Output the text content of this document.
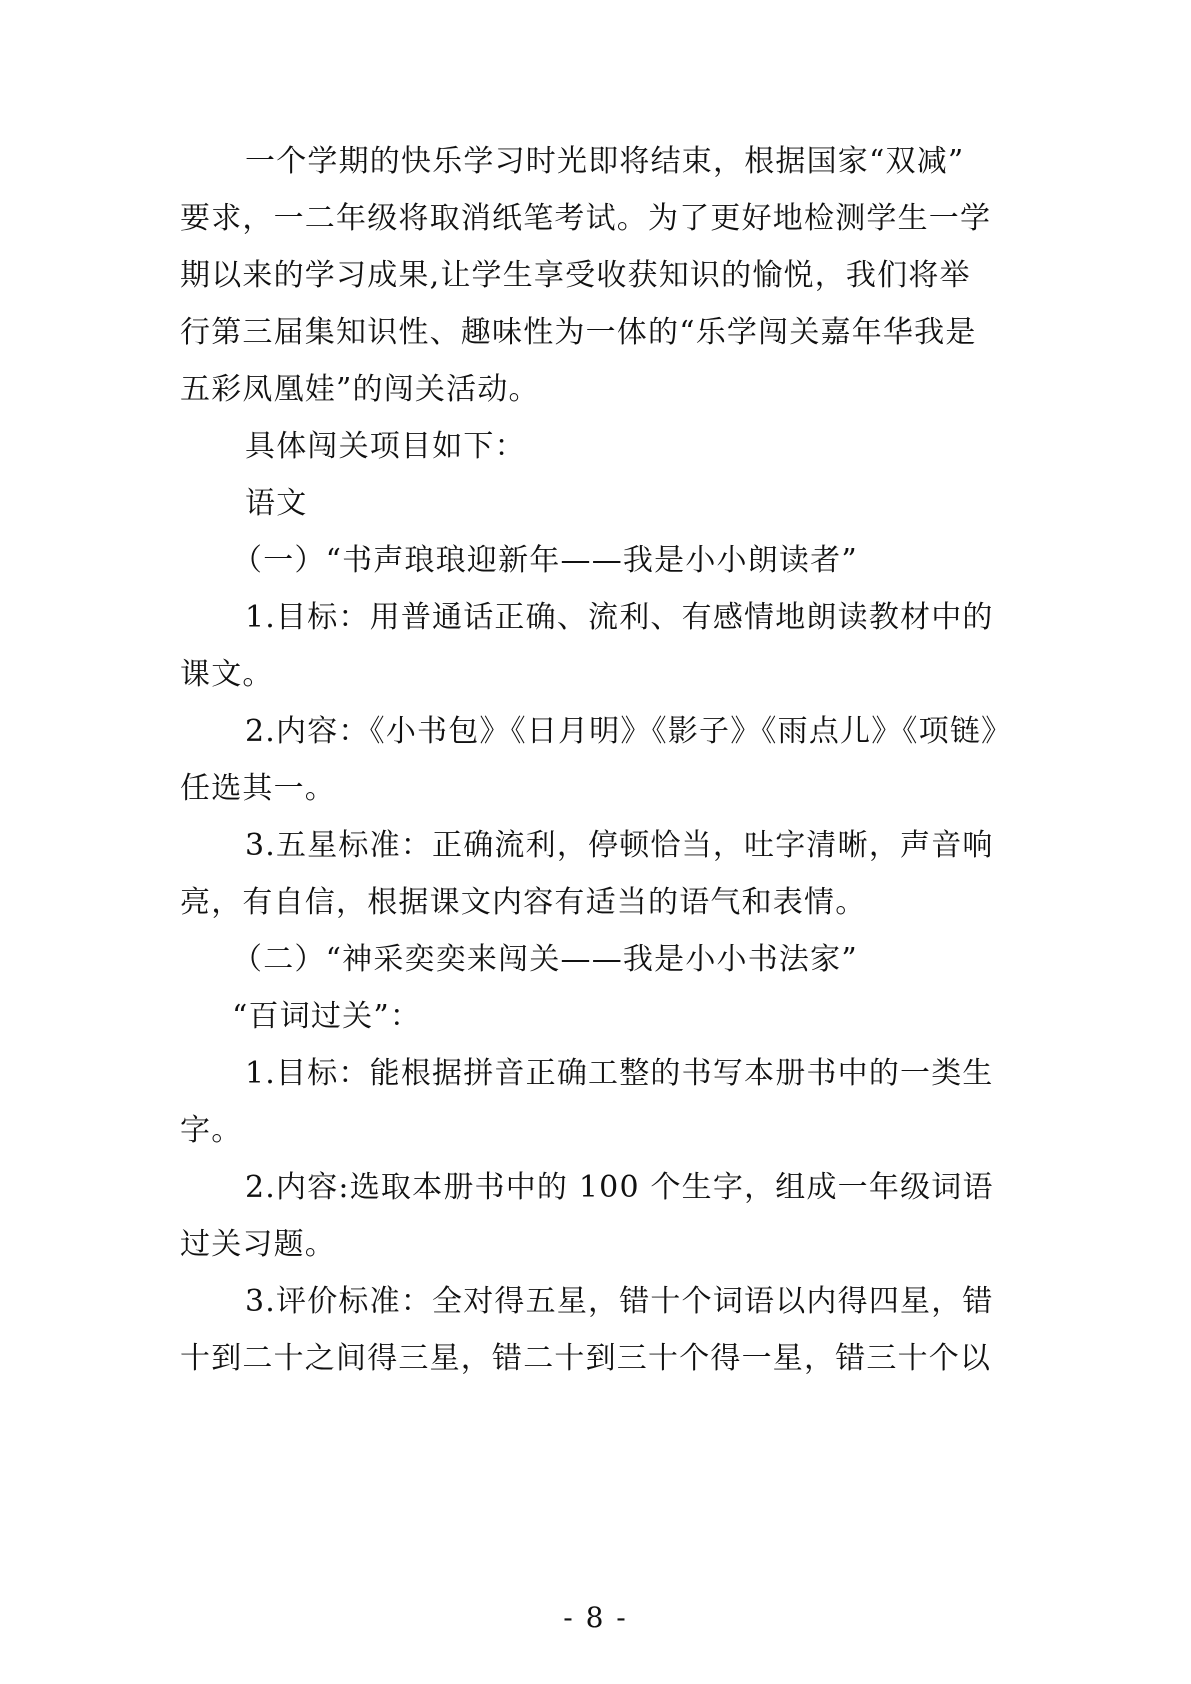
一个学期的快乐学习时光即将结束，根据国家“双减”
要求，一二年级将取消纸笔考试。为了更好地检测学生一学
期以来的学习成果,让学生享受收获知识的愉悦，我们将举
行第三届集知识性、趣味性为一体的“乐学闯关嘉年华我是
五彩凤凰娃”的闯关活动。
具体闯关项目如下：
语文
（一）“书声琅琅迎新年——我是小小朗读者”
1.目标：用普通话正确、流利、有感情地朗读教材中的
课文。
2.内容：《小书包》《日月明》《影子》《雨点儿》《项链》
任选其一。
3.五星标准：正确流利，停顿恰当，吐字清晰，声音响
亮，有自信，根据课文内容有适当的语气和表情。
（二）“神采奕奕来闯关——我是小小书法家”
“百词过关”：
1.目标：能根据拼音正确工整的书写本册书中的一类生
字。
2.内容:选取本册书中的 100 个生字，组成一年级词语
过关习题。
3.评价标准：全对得五星，错十个词语以内得四星，错
十到二十之间得三星，错二十到三十个得一星，错三十个以
- 8 -
